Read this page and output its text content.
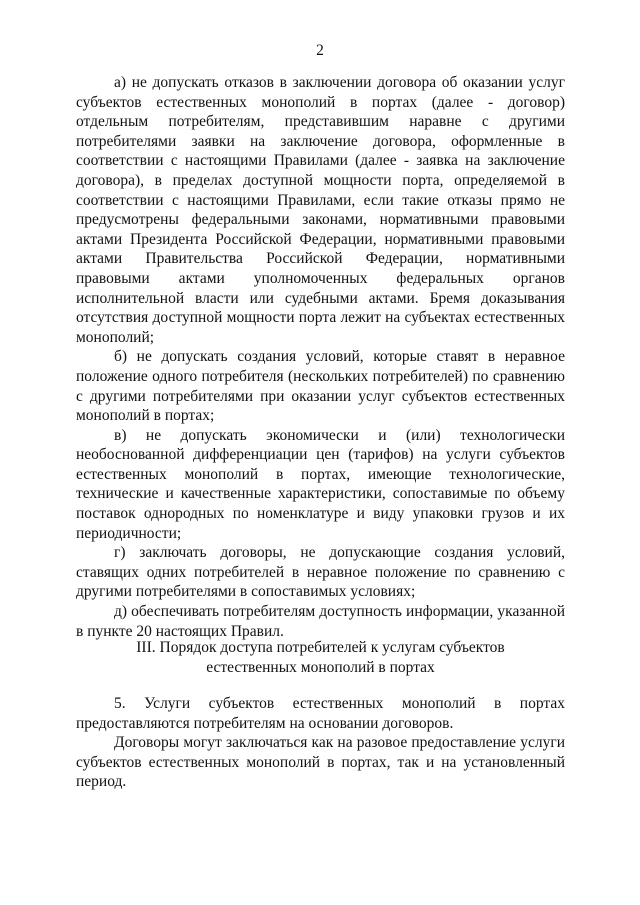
2

а) не допускать отказов в заключении договора об оказании услуг субъектов естественных монополий в портах (далее - договор) отдельным потребителям, представившим наравне с другими потребителями заявки на заключение договора, оформленные в соответствии с настоящими Правилами (далее - заявка на заключение договора), в пределах доступной мощности порта, определяемой в соответствии с настоящими Правилами, если такие отказы прямо не предусмотрены федеральными законами, нормативными правовыми актами Президента Российской Федерации, нормативными правовыми актами Правительства Российской Федерации, нормативными правовыми актами уполномоченных федеральных органов исполнительной власти или судебными актами. Бремя доказывания отсутствия доступной мощности порта лежит на субъектах естественных монополий;

б) не допускать создания условий, которые ставят в неравное положение одного потребителя (нескольких потребителей) по сравнению с другими потребителями при оказании услуг субъектов естественных монополий в портах;

в) не допускать экономически и (или) технологически необоснованной дифференциации цен (тарифов) на услуги субъектов естественных монополий в портах, имеющие технологические, технические и качественные характеристики, сопоставимые по объему поставок однородных по номенклатуре и виду упаковки грузов и их периодичности;

г) заключать договоры, не допускающие создания условий, ставящих одних потребителей в неравное положение по сравнению с другими потребителями в сопоставимых условиях;

д) обеспечивать потребителям доступность информации, указанной в пункте 20 настоящих Правил.

III. Порядок доступа потребителей к услугам субъектов
естественных монополий в портах

5. Услуги субъектов естественных монополий в портах предоставляются потребителям на основании договоров.

Договоры могут заключаться как на разовое предоставление услуги субъектов естественных монополий в портах, так и на установленный период.
